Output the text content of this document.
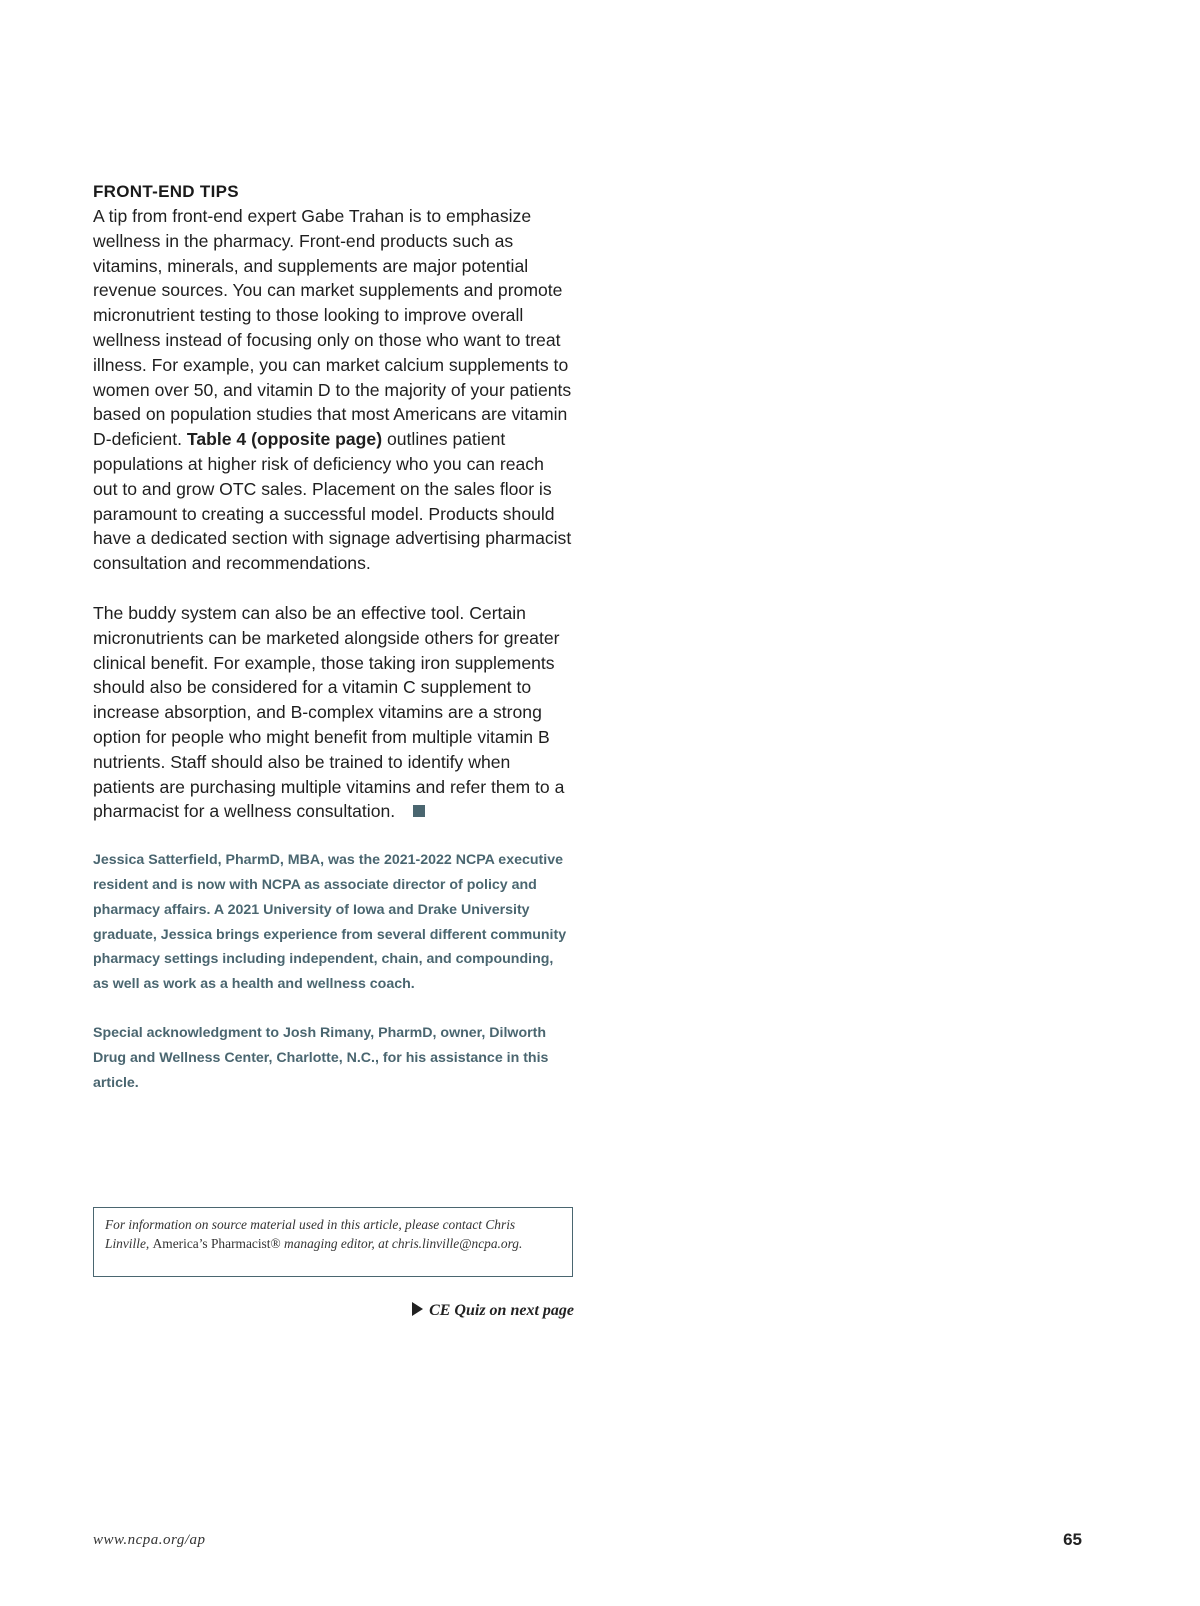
FRONT-END TIPS

A tip from front-end expert Gabe Trahan is to emphasize wellness in the pharmacy. Front-end products such as vitamins, minerals, and supplements are major potential revenue sources. You can market supplements and promote micronutrient testing to those looking to improve overall wellness instead of focusing only on those who want to treat illness. For example, you can market calcium supplements to women over 50, and vitamin D to the majority of your patients based on population studies that most Americans are vitamin D-deficient. Table 4 (opposite page) outlines patient populations at higher risk of deficiency who you can reach out to and grow OTC sales. Placement on the sales floor is paramount to creating a successful model. Products should have a dedicated section with signage advertising pharmacist consultation and recommendations.

The buddy system can also be an effective tool. Certain micronutrients can be marketed alongside others for greater clinical benefit. For example, those taking iron supplements should also be considered for a vitamin C supplement to increase absorption, and B-complex vitamins are a strong option for people who might benefit from multiple vitamin B nutrients. Staff should also be trained to identify when patients are purchasing multiple vitamins and refer them to a pharmacist for a wellness consultation.

Jessica Satterfield, PharmD, MBA, was the 2021-2022 NCPA executive resident and is now with NCPA as associate director of policy and pharmacy affairs. A 2021 University of Iowa and Drake University graduate, Jessica brings experience from several different community pharmacy settings including independent, chain, and compounding, as well as work as a health and wellness coach.

Special acknowledgment to Josh Rimany, PharmD, owner, Dilworth Drug and Wellness Center, Charlotte, N.C., for his assistance in this article.

For information on source material used in this article, please contact Chris Linville, America’s Pharmacist® managing editor, at chris.linville@ncpa.org.
CE Quiz on next page
www.ncpa.org/ap	65
